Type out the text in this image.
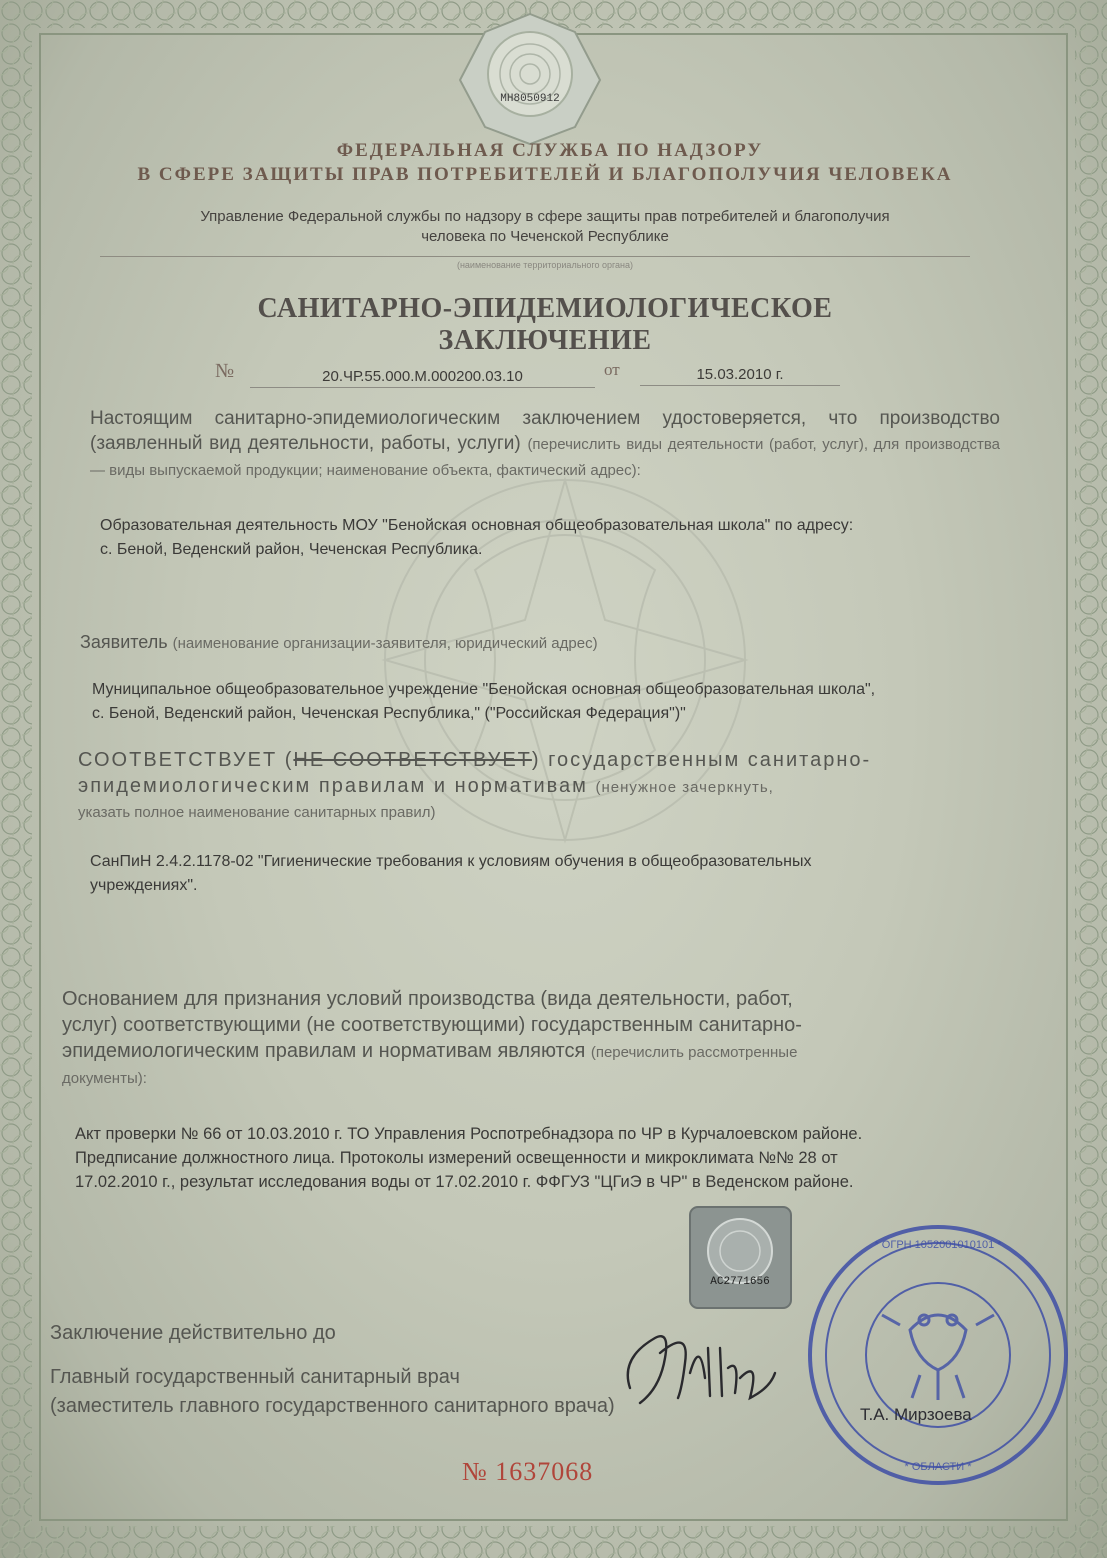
MH8050912
ФЕДЕРАЛЬНАЯ СЛУЖБА ПО НАДЗОРУ
В СФЕРЕ ЗАЩИТЫ ПРАВ ПОТРЕБИТЕЛЕЙ И БЛАГОПОЛУЧИЯ ЧЕЛОВЕКА
Управление Федеральной службы по надзору в сфере защиты прав потребителей и благополучия
человека по Чеченской Республике
(наименование территориального органа)
САНИТАРНО-ЭПИДЕМИОЛОГИЧЕСКОЕ ЗАКЛЮЧЕНИЕ
№	20.ЧР.55.000.М.000200.03.10	от	15.03.2010 г.
Настоящим санитарно-эпидемиологическим заключением удостоверяется, что производство (заявленный вид деятельности, работы, услуги) (перечислить виды деятельности (работ, услуг), для производства — виды выпускаемой продукции; наименование объекта, фактический адрес):
Образовательная деятельность МОУ "Бенойская основная общеобразовательная школа" по адресу:
с. Беной, Веденский район, Чеченская Республика.
Заявитель (наименование организации-заявителя, юридический адрес)
Муниципальное общеобразовательное учреждение "Бенойская основная общеобразовательная школа",
с. Беной, Веденский район, Чеченская Республика," ("Российская Федерация")"
СООТВЕТСТВУЕТ (НЕ СООТВЕТСТВУЕТ) государственным санитарно-
эпидемиологическим правилам и нормативам (ненужное зачеркнуть,
указать полное наименование санитарных правил)
СанПиН 2.4.2.1178-02 "Гигиенические требования к условиям обучения в общеобразовательных
учреждениях".
Основанием для признания условий производства (вида деятельности, работ,
услуг) соответствующими (не соответствующими) государственным санитарно-
эпидемиологическим правилам и нормативам являются (перечислить рассмотренные
документы):
Акт проверки № 66 от 10.03.2010 г. ТО Управления Роспотребнадзора по ЧР в Курчалоевском районе.
Предписание должностного лица. Протоколы измерений освещенности и микроклимата №№ 28 от
17.02.2010 г., результат исследования воды от 17.02.2010 г. ФФГУЗ "ЦГиЭ в ЧР" в Веденском районе.
AC2771656
Заключение действительно до
Главный государственный санитарный врач
(заместитель главного государственного санитарного врача)
* ОГРН 1052001010101 *
* ОБЛАСТИ *
Т.А. Мирзоева
№ 1637068
